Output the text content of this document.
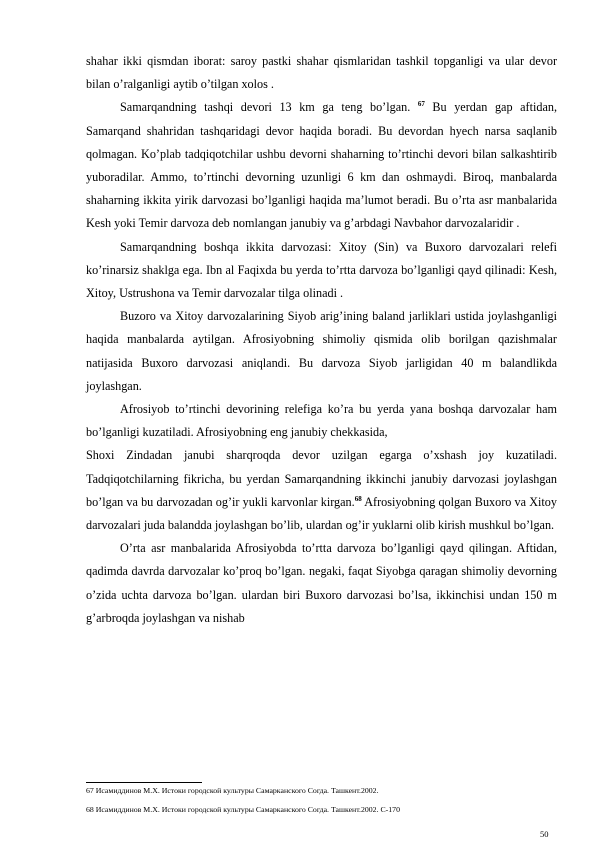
shahar ikki qismdan iborat: saroy pastki shahar qismlaridan tashkil topganligi va ular devor bilan o’ralganligi aytib o’tilgan xolos .

Samarqandning tashqi devori 13 km ga teng bo’lgan. $^{67}$ Bu yerdan gap aftidan, Samarqand shahridan tashqaridagi devor haqida boradi. Bu devordan hyech narsa saqlanib qolmagan. Ko’plab tadqiqotchilar ushbu devorni shaharning to’rtinchi devori bilan salkashtirib yuboradilar. Ammo, to’rtinchi devorning uzunligi 6 km dan oshmaydi. Biroq, manbalarda shaharning ikkita yirik darvozasi bo’lganligi haqida ma’lumot beradi. Bu o’rta asr manbalarida Kesh yoki Temir darvoza deb nomlangan janubiy va g’arbdagi Navbahor darvozalaridir .

Samarqandning boshqa ikkita darvozasi: Xitoy (Sin) va Buxoro darvozalari relefi ko’rinarsiz shaklga ega. Ibn al Faqixda bu yerda to’rtta darvoza bo’lganligi qayd qilinadi: Kesh, Xitoy, Ustrushona va Temir darvozalar tilga olinadi .

Buzoro va Xitoy darvozalarining Siyob arig’ining baland jarliklari ustida joylashganligi haqida manbalarda aytilgan. Afrosiyobning shimoliy qismida olib borilgan qazishmalar natijasida Buxoro darvozasi aniqlandi. Bu darvoza Siyob jarligidan 40 m balandlikda joylashgan.

Afrosiyob to’rtinchi devorining relefiga ko’ra bu yerda yana boshqa darvozalar ham bo’lganligi kuzatiladi. Afrosiyobning eng janubiy chekkasida,

Shoxi Zindadan janubi sharqroqda devor uzilgan egarga o’xshash joy kuzatiladi. Tadqiqotchilarning fikricha, bu yerdan Samarqandning ikkinchi janubiy darvozasi joylashgan bo’lgan va bu darvozadan og’ir yukli karvonlar kirgan.$^{68}$ Afrosiyobning qolgan Buxoro va Xitoy darvozalari juda balandda joylashgan bo’lib, ulardan og’ir yuklarni olib kirish mushkul bo’lgan.

O’rta asr manbalarida Afrosiyobda to’rtta darvoza bo’lganligi qayd qilingan. Aftidan, qadimda davrda darvozalar ko’proq bo’lgan. negaki, faqat Siyobga qaragan shimoliy devorning o’zida uchta darvoza bo’lgan. ulardan biri Buxoro darvozasi bo’lsa, ikkinchisi undan 150 m g’arbroqda joylashgan va nishab

67 Исамиддинов М.Х. Истоки городской культуры Самарканского Согда. Ташкент.2002.
68 Исамиддинов М.Х. Истоки городской культуры Самарканского Согда. Ташкент.2002. С-170
50
